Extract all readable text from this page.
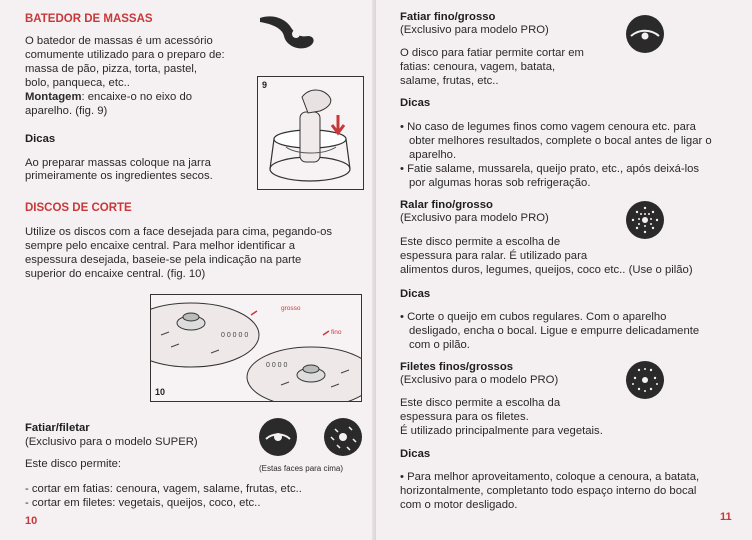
BATEDOR DE MASSAS
O batedor de massas é um acessório
comumente utilizado para o preparo de:
massa de pão, pizza, torta, pastel,
bolo, panqueca, etc..
Montagem: encaixe-o no eixo do
aparelho. (fig. 9)
9
Dicas
Ao preparar massas coloque na jarra
primeiramente os ingredientes secos.
DISCOS DE CORTE
Utilize os discos com a face desejada para cima, pegando-os
sempre pelo encaixe central. Para melhor identificar a
espessura desejada, baseie-se pela indicação na parte
superior do encaixe central. (fig. 10)
0 0 0 0 0
0 0 0 0
grosso
fino
10
Fatiar/filetar
(Exclusivo para o modelo SUPER)
Este disco permite:	(Estas faces para cima)
- cortar em fatias: cenoura, vagem, salame, frutas, etc..
- cortar em filetes: vegetais, queijos, coco, etc..
10
Fatiar fino/grosso
(Exclusivo para modelo PRO)
O disco para fatiar permite cortar em
fatias: cenoura, vagem, batata,
salame, frutas, etc..
Dicas
• No caso de legumes finos como vagem cenoura etc. para
obter melhores resultados, complete o bocal antes de ligar o
aparelho.
• Fatie salame, mussarela, queijo prato, etc., após deixá-los
por algumas horas sob refrigeração.
Ralar fino/grosso
(Exclusivo para modelo PRO)
Este disco permite a escolha de
espessura para ralar. É utilizado para
alimentos duros, legumes, queijos, coco etc.. (Use o pilão)
Dicas
• Corte o queijo em cubos regulares. Com o aparelho
desligado, encha o bocal. Ligue e empurre delicadamente
com o pilão.
Filetes finos/grossos
(Exclusivo para o modelo PRO)
Este disco permite a escolha da
espessura para os filetes.
É utilizado principalmente para vegetais.
Dicas
• Para melhor aproveitamento, coloque a cenoura, a batata,
horizontalmente, completanto todo espaço interno do bocal
com o motor desligado.
11
